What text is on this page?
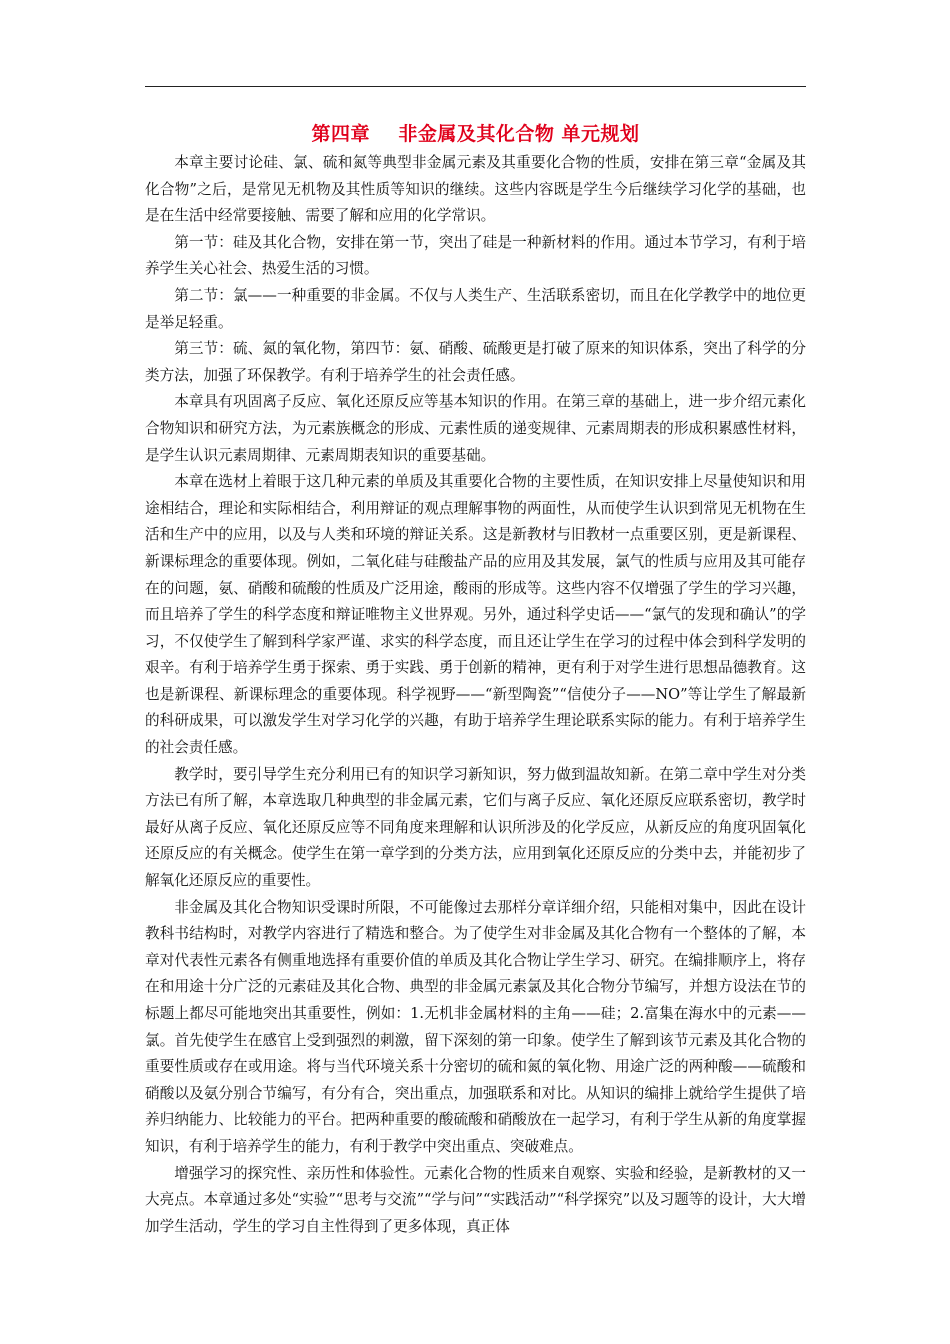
第四章    非金属及其化合物 单元规划

本章主要讨论硅、氯、硫和氮等典型非金属元素及其重要化合物的性质，安排在第三章“金属及其化合物”之后，是常见无机物及其性质等知识的继续。这些内容既是学生今后继续学习化学的基础，也是在生活中经常要接触、需要了解和应用的化学常识。

第一节：硅及其化合物，安排在第一节，突出了硅是一种新材料的作用。通过本节学习，有利于培养学生关心社会、热爱生活的习惯。

第二节：氯——一种重要的非金属。不仅与人类生产、生活联系密切，而且在化学教学中的地位更是举足轻重。

第三节：硫、氮的氧化物，第四节：氨、硝酸、硫酸更是打破了原来的知识体系，突出了科学的分类方法，加强了环保教学。有利于培养学生的社会责任感。

本章具有巩固离子反应、氧化还原反应等基本知识的作用。在第三章的基础上，进一步介绍元素化合物知识和研究方法，为元素族概念的形成、元素性质的递变规律、元素周期表的形成积累感性材料，是学生认识元素周期律、元素周期表知识的重要基础。

本章在选材上着眼于这几种元素的单质及其重要化合物的主要性质，在知识安排上尽量使知识和用途相结合，理论和实际相结合，利用辩证的观点理解事物的两面性，从而使学生认识到常见无机物在生活和生产中的应用，以及与人类和环境的辩证关系。这是新教材与旧教材一点重要区别，更是新课程、新课标理念的重要体现。例如，二氧化硅与硅酸盐产品的应用及其发展，氯气的性质与应用及其可能存在的问题，氨、硝酸和硫酸的性质及广泛用途，酸雨的形成等。这些内容不仅增强了学生的学习兴趣，而且培养了学生的科学态度和辩证唯物主义世界观。另外，通过科学史话——“氯气的发现和确认”的学习，不仅使学生了解到科学家严谨、求实的科学态度，而且还让学生在学习的过程中体会到科学发明的艰辛。有利于培养学生勇于探索、勇于实践、勇于创新的精神，更有利于对学生进行思想品德教育。这也是新课程、新课标理念的重要体现。科学视野——“新型陶瓷”“信使分子——NO”等让学生了解最新的科研成果，可以激发学生对学习化学的兴趣，有助于培养学生理论联系实际的能力。有利于培养学生的社会责任感。

教学时，要引导学生充分利用已有的知识学习新知识，努力做到温故知新。在第二章中学生对分类方法已有所了解，本章选取几种典型的非金属元素，它们与离子反应、氧化还原反应联系密切，教学时最好从离子反应、氧化还原反应等不同角度来理解和认识所涉及的化学反应，从新反应的角度巩固氧化还原反应的有关概念。使学生在第一章学到的分类方法，应用到氧化还原反应的分类中去，并能初步了解氧化还原反应的重要性。

非金属及其化合物知识受课时所限，不可能像过去那样分章详细介绍，只能相对集中，因此在设计教科书结构时，对教学内容进行了精选和整合。为了使学生对非金属及其化合物有一个整体的了解，本章对代表性元素各有侧重地选择有重要价值的单质及其化合物让学生学习、研究。在编排顺序上，将存在和用途十分广泛的元素硅及其化合物、典型的非金属元素氯及其化合物分节编写，并想方设法在节的标题上都尽可能地突出其重要性，例如：1.无机非金属材料的主角——硅；2.富集在海水中的元素——氯。首先使学生在感官上受到强烈的刺激，留下深刻的第一印象。使学生了解到该节元素及其化合物的重要性质或存在或用途。将与当代环境关系十分密切的硫和氮的氧化物、用途广泛的两种酸——硫酸和硝酸以及氨分别合节编写，有分有合，突出重点，加强联系和对比。从知识的编排上就给学生提供了培养归纳能力、比较能力的平台。把两种重要的酸硫酸和硝酸放在一起学习，有利于学生从新的角度掌握知识，有利于培养学生的能力，有利于教学中突出重点、突破难点。

增强学习的探究性、亲历性和体验性。元素化合物的性质来自观察、实验和经验，是新教材的又一大亮点。本章通过多处“实验”“思考与交流”“学与问”“实践活动”“科学探究”以及习题等的设计，大大增加学生活动，学生的学习自主性得到了更多体现，真正体
